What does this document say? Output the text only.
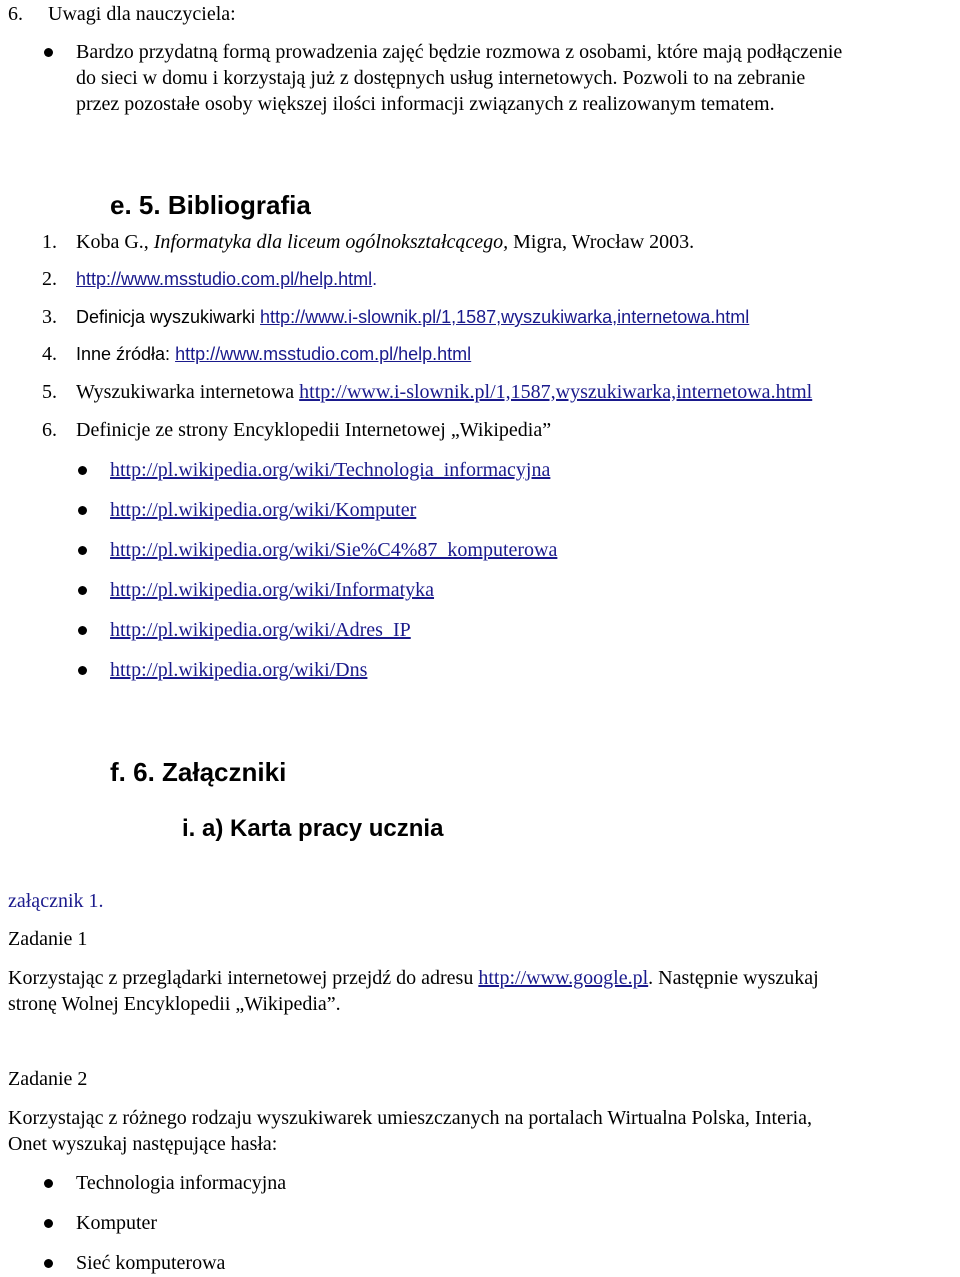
6. Uwagi dla nauczyciela:
Bardzo przydatną formą prowadzenia zajęć będzie rozmowa z osobami, które mają podłączenie
do sieci w domu i korzystają już z dostępnych usług internetowych. Pozwoli to na zebranie
przez pozostałe osoby większej ilości informacji związanych z realizowanym tematem.
e. 5. Bibliografia
1. Koba G., Informatyka dla liceum ogólnokształcącego, Migra, Wrocław 2003.
2. http://www.msstudio.com.pl/help.html.
3. Definicja wyszukiwarki http://www.i-slownik.pl/1,1587,wyszukiwarka,internetowa.html
4. Inne źródła: http://www.msstudio.com.pl/help.html
5. Wyszukiwarka internetowa http://www.i-slownik.pl/1,1587,wyszukiwarka,internetowa.html
6. Definicje ze strony Encyklopedii Internetowej „Wikipedia”
http://pl.wikipedia.org/wiki/Technologia_informacyjna
http://pl.wikipedia.org/wiki/Komputer
http://pl.wikipedia.org/wiki/Sie%C4%87_komputerowa
http://pl.wikipedia.org/wiki/Informatyka
http://pl.wikipedia.org/wiki/Adres_IP
http://pl.wikipedia.org/wiki/Dns
f. 6. Załączniki
i. a) Karta pracy ucznia
załącznik 1.
Zadanie 1
Korzystając z przeglądarki internetowej przejdź do adresu http://www.google.pl. Następnie wyszukaj
stronę Wolnej Encyklopedii „Wikipedia”.
Zadanie 2
Korzystając z różnego rodzaju wyszukiwarek umieszczanych na portalach Wirtualna Polska, Interia,
Onet wyszukaj następujące hasła:
Technologia informacyjna
Komputer
Sieć komputerowa
